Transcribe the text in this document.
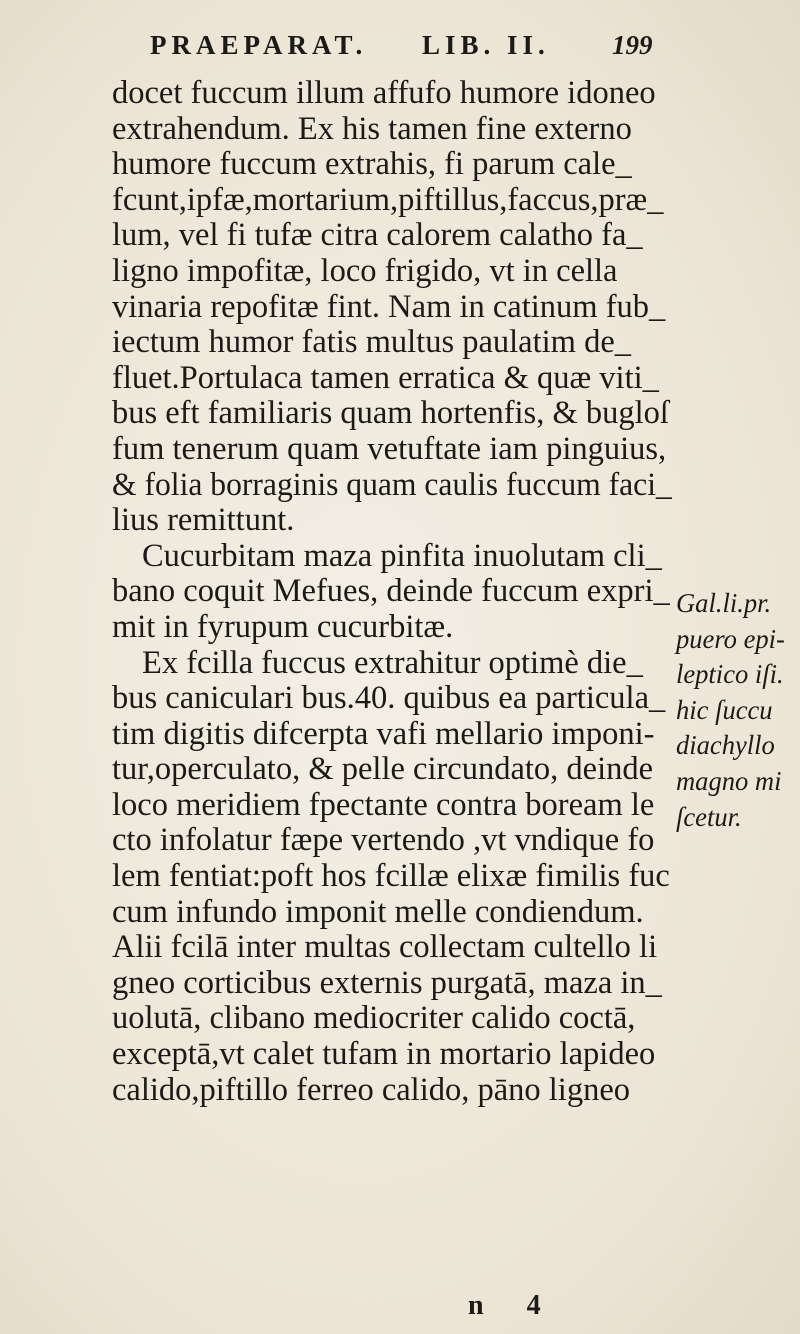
PRAEPARAT. LIB. II. 199
docet fuccum illum affufo humore idoneo
extrahendum. Ex his tamen fine externo
humore fuccum extrahis, fi parum cale_
fcunt,ipfæ,mortarium,piftillus,faccus,præ_
lum, vel fi tufæ citra calorem calatho fa_
ligno impofitæ, loco frigido, vt in cella
vinaria repofitæ fint. Nam in catinum fub_
iectum humor fatis multus paulatim de_
fluet.Portulaca tamen erratica & quæ viti_
bus eft familiaris quam hortenfis, & bugloſ
fum tenerum quam vetuftate iam pinguius,
& folia borraginis quam caulis fuccum faci_
lius remittunt.
Cucurbitam maza pinfita inuolutam cli_
bano coquit Mefues, deinde fuccum expri_
mit in fyrupum cucurbitæ.
Ex fcilla fuccus extrahitur optimè die_
bus caniculari bus.40. quibus ea particula_
tim digitis difcerpta vafi mellario imponi-
tur,operculato, & pelle circundato, deinde
loco meridiem fpectante contra boream le
cto infolatur fæpe vertendo ,vt vndique fo
lem fentiat:poft hos fcillæ elixæ fimilis fuc
cum infundo imponit melle condiendum.
Alii fcilā inter multas collectam cultello li
gneo corticibus externis purgatā, maza in_
uolutā, clibano mediocriter calido coctā,
exceptā,vt calet tufam in mortario lapideo
calido,piftillo ferreo calido, pāno ligneo
Gal.li.pr.
puero epi-
leptico iſi.
hic ſuccu
diachyllo
magno mi
ſcetur.
n 4
